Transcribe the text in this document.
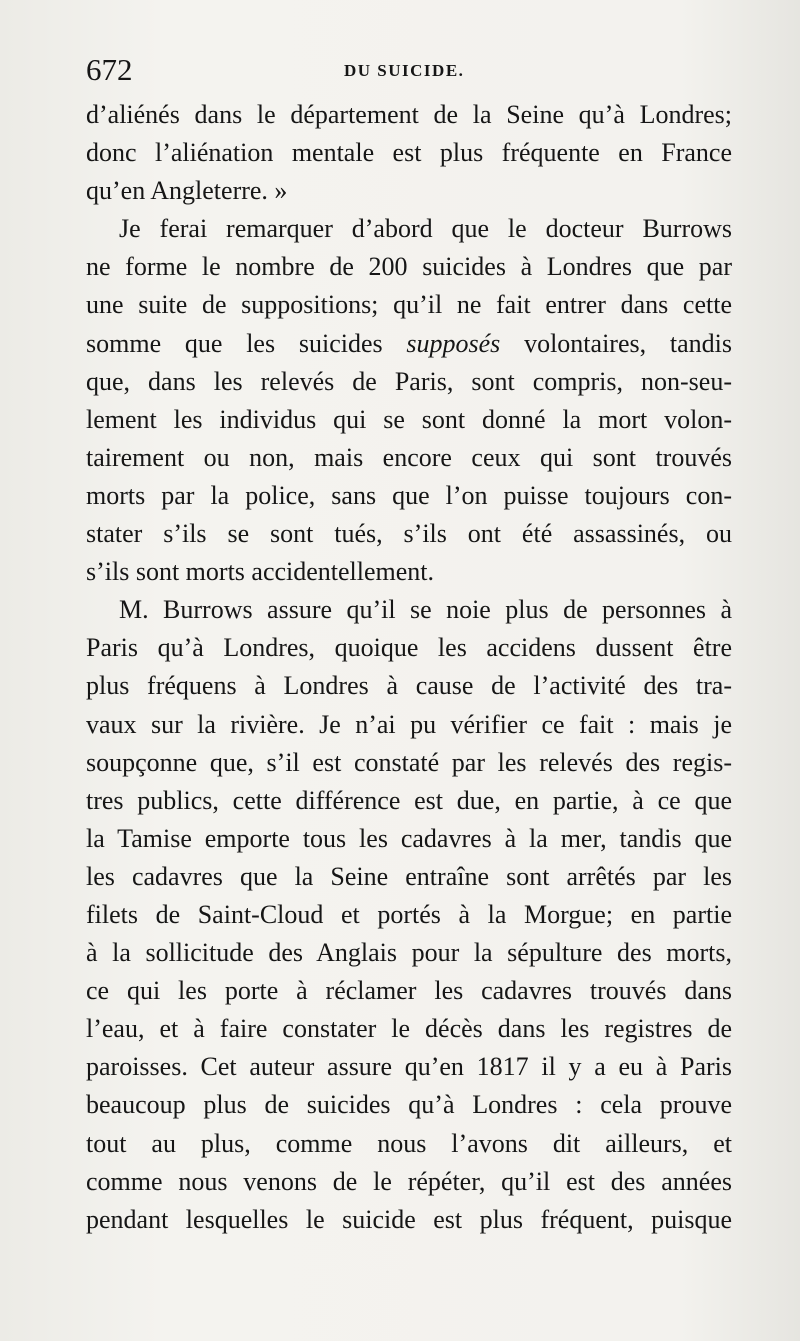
672	DU SUICIDE.
d’aliénés dans le département de la Seine qu’à Londres;
donc l’aliénation mentale est plus fréquente en France
qu’en Angleterre. »
Je ferai remarquer d’abord que le docteur Burrows
ne forme le nombre de 200 suicides à Londres que par
une suite de suppositions; qu’il ne fait entrer dans cette
somme que les suicides supposés volontaires, tandis
que, dans les relevés de Paris, sont compris, non-seu-
lement les individus qui se sont donné la mort volon-
tairement ou non, mais encore ceux qui sont trouvés
morts par la police, sans que l’on puisse toujours con-
stater s’ils se sont tués, s’ils ont été assassinés, ou
s’ils sont morts accidentellement.
M. Burrows assure qu’il se noie plus de personnes à
Paris qu’à Londres, quoique les accidens dussent être
plus fréquens à Londres à cause de l’activité des tra-
vaux sur la rivière. Je n’ai pu vérifier ce fait : mais je
soupçonne que, s’il est constaté par les relevés des regis-
tres publics, cette différence est due, en partie, à ce que
la Tamise emporte tous les cadavres à la mer, tandis que
les cadavres que la Seine entraîne sont arrêtés par les
filets de Saint-Cloud et portés à la Morgue; en partie
à la sollicitude des Anglais pour la sépulture des morts,
ce qui les porte à réclamer les cadavres trouvés dans
l’eau, et à faire constater le décès dans les registres de
paroisses. Cet auteur assure qu’en 1817 il y a eu à Paris
beaucoup plus de suicides qu’à Londres : cela prouve
tout au plus, comme nous l’avons dit ailleurs, et
comme nous venons de le répéter, qu’il est des années
pendant lesquelles le suicide est plus fréquent, puisque
